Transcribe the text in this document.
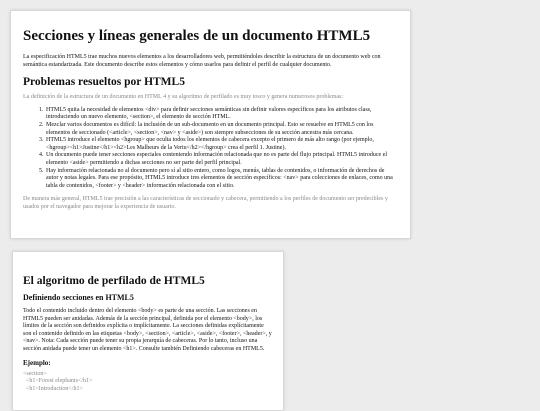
Secciones y líneas generales de un documento HTML5

La especificación HTML5 trae muchos nuevos elementos a los desarrolladores web, permitiéndoles describir la estructura de un documento web con semántica estandarizada. Este documento describe estos elementos y cómo usarlos para definir el perfil de cualquier documento.

Problemas resueltos por HTML5

La definición de la estructura de un documento en HTML 4 y su algoritmo de perfilado es muy tosco y genera numerosos problemas:

1. HTML5 quita la necesidad de elementos <div> para definir secciones semánticas sin definir valores específicos para los atributos class, introduciendo un nuevo elemento, <section>, el elemento de sección HTML.
2. Mezclar varios documentos es difícil: la inclusión de un sub-documento en un documento principal. Esto se resuelve en HTML5 con los elementos de seccionado (<article>, <section>, <nav> y <aside>) son siempre subsecciones de su sección ancestra más cercana.
3. HTML5 introduce el elemento <hgroup> que oculta todos los elementos de cabecera excepto el primero de más alto rango (por ejemplo, <hgroup><h1>Justine</h1><h2>Les Malheurs de la Vertu</h2></hgroup> crea el perfil 1. Justine).
4. Un documento puede tener secciones especiales conteniendo información relacionada que no es parte del flujo principal. HTML5 introduce el elemento <aside> permitiendo a dichas secciones no ser parte del perfil principal.
5. Hay información relacionada no al documento pero sí al sitio entero, como logos, menús, tablas de contenidos, o información de derechos de autor y notas legales. Para ese propósito, HTML5 introduce tres elementos de sección específicos: <nav> para colecciones de enlaces, como una tabla de contenidos, <footer> y <header> información relacionada con el sitio.

De manera más general, HTML5 trae precisión a las características de seccionado y cabecera, permitiendo a los perfiles de documento ser predecibles y usados por el navegador para mejorar la experiencia de usuario.

El algoritmo de perfilado de HTML5
Definiendo secciones en HTML5

Todo el contenido incluido dentro del elemento <body> es parte de una sección. Las secciones en HTML5 pueden ser anidadas. Además de la sección principal, definida por el elemento <body>, los límites de la sección son definidos explícita o implícitamente. La secciones definidas explícitamente son el contenido definido en las etiquetas <body>, <section>, <article>, <aside>, <footer>, <header>, y <nav>. Nota: Cada sección puede tener su propia jerarquía de cabeceras. Por lo tanto, incluso una sección anidada puede tener un elemento <h1>. Consulte también Definiendo cabeceras en HTML5.

Ejemplo:
<section>
<h1>Forest elephants</h1>
<h1>Introduction</h1>
